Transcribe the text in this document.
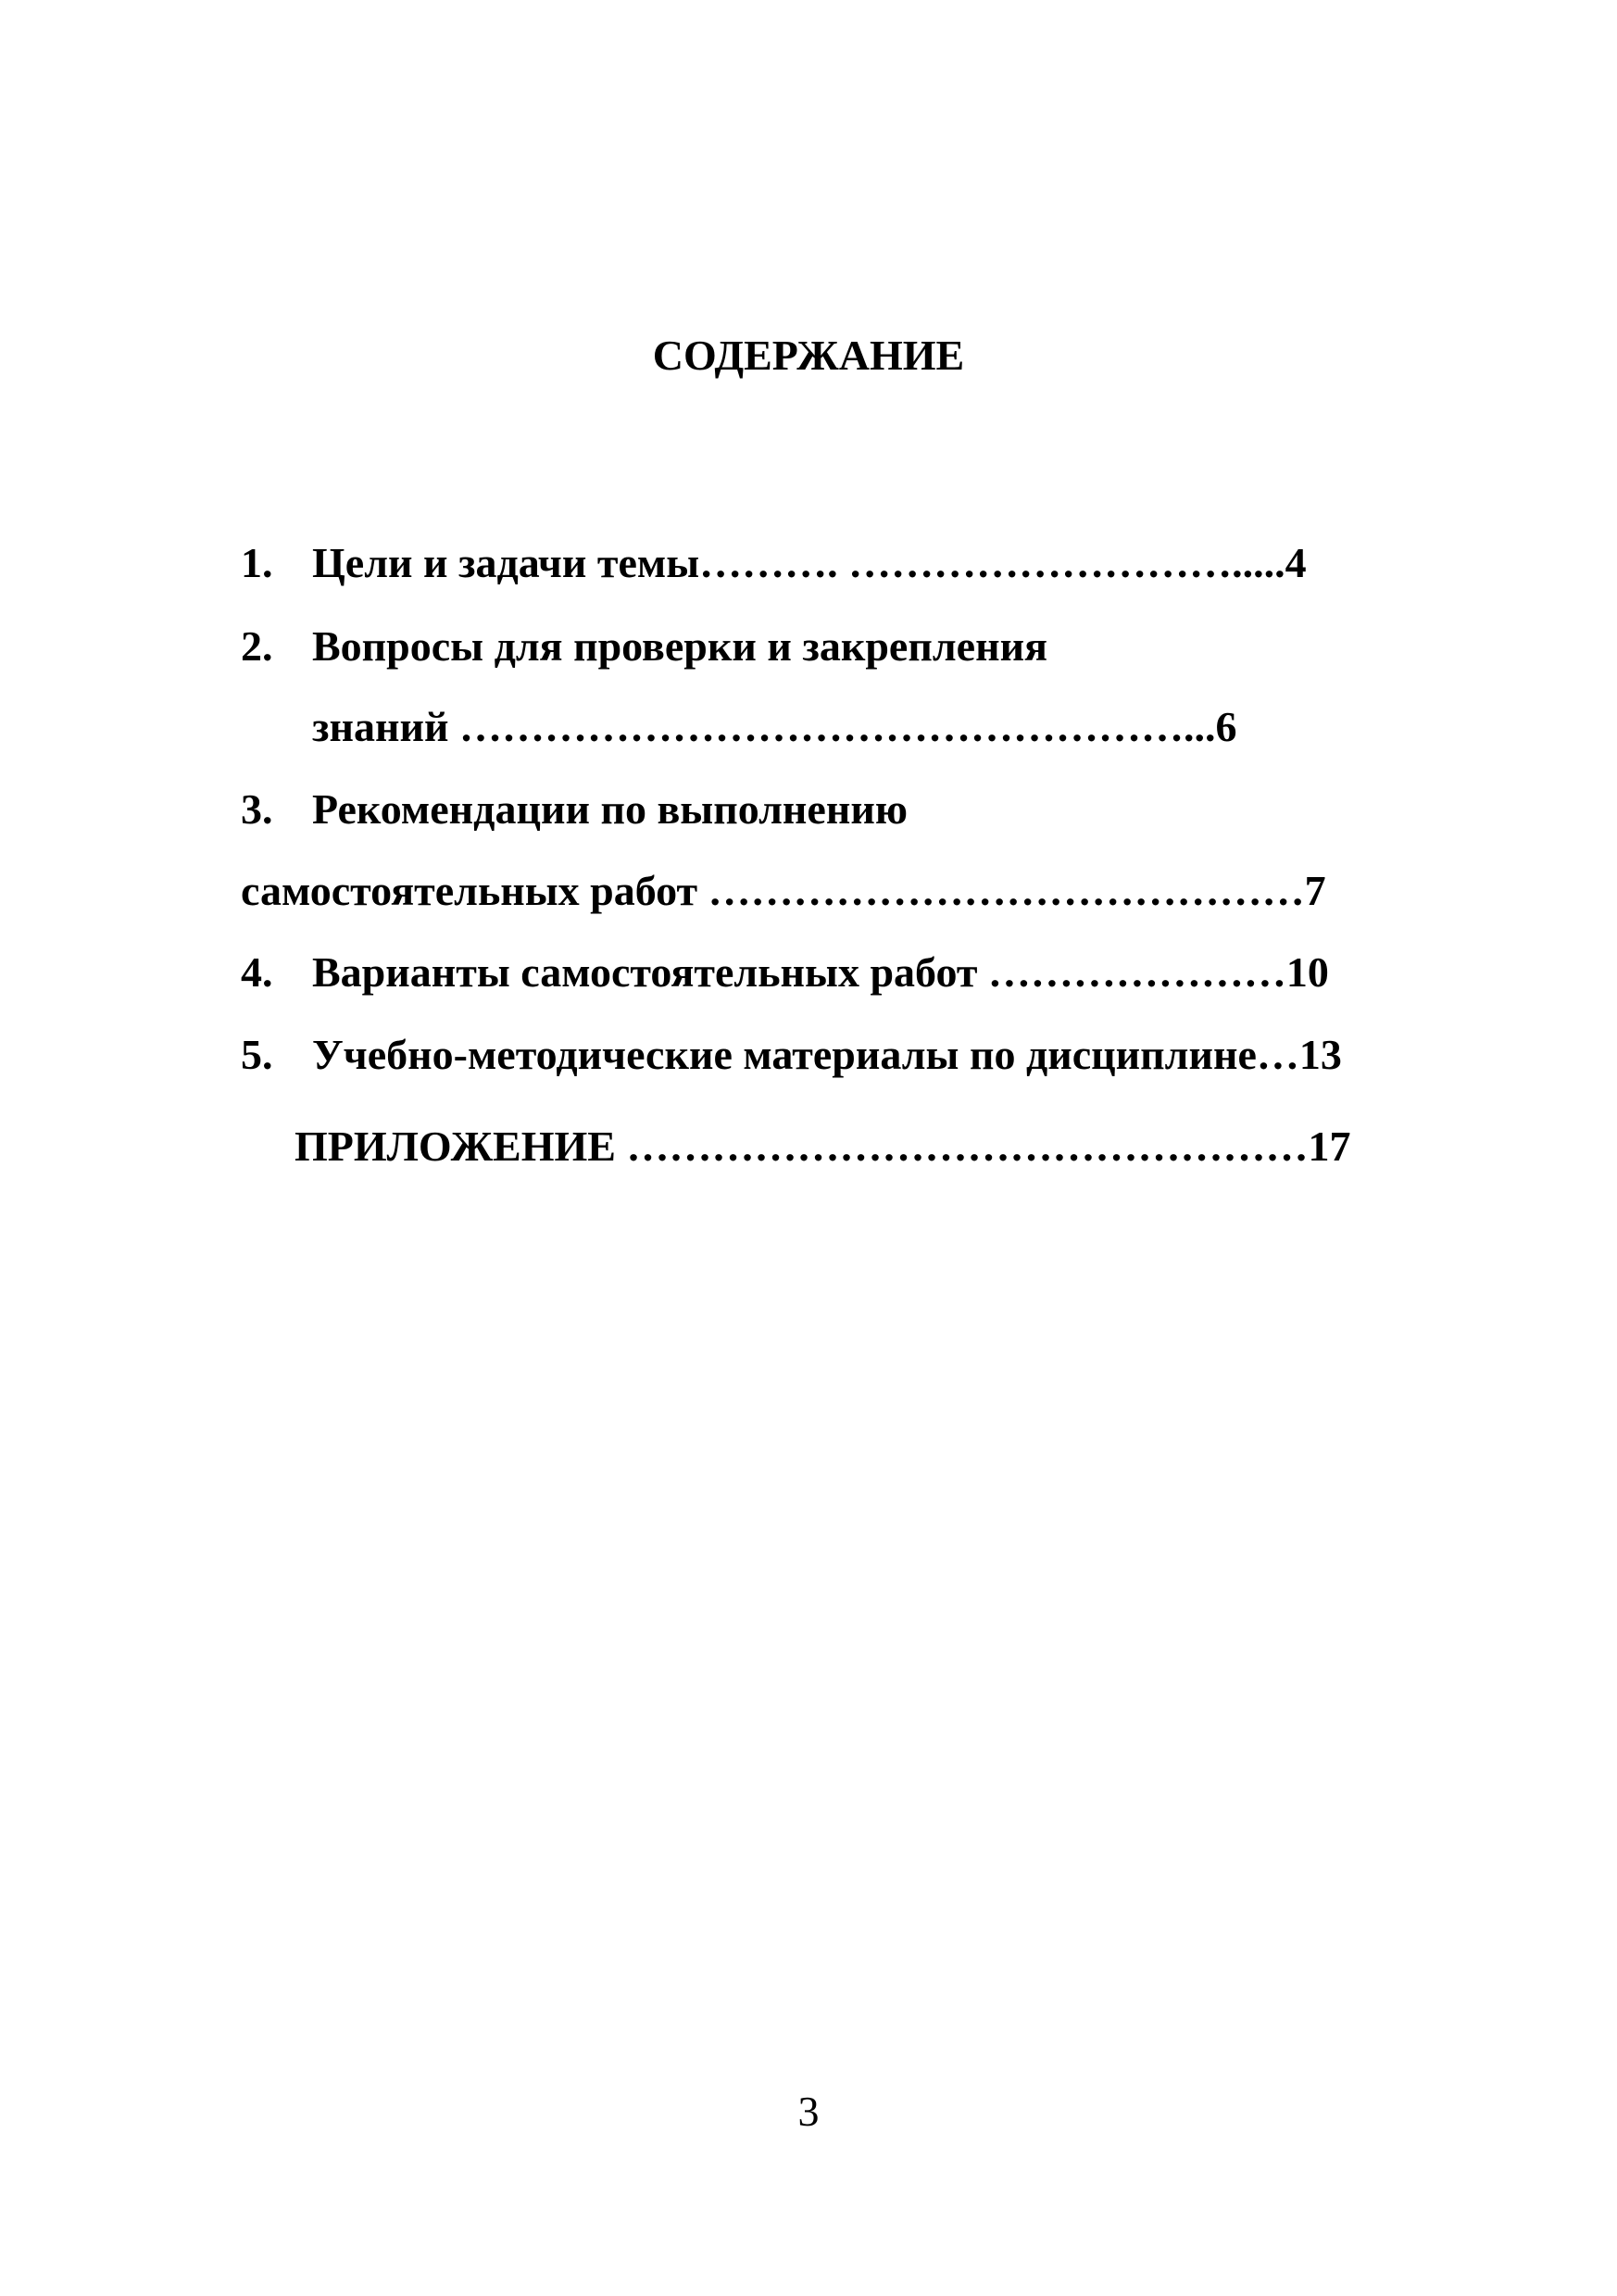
СОДЕРЖАНИЕ
1. Цели и задачи темы………. ……………………….....4
2. Вопросы для проверки и закрепления
знаний ……………………………………………...6
3. Рекомендации по выполнению
самостоятельных работ ……………………………………7
4. Варианты самостоятельных работ …………………10
5. Учебно-методические материалы по дисциплине…13
ПРИЛОЖЕНИЕ …………………………………………17
3
